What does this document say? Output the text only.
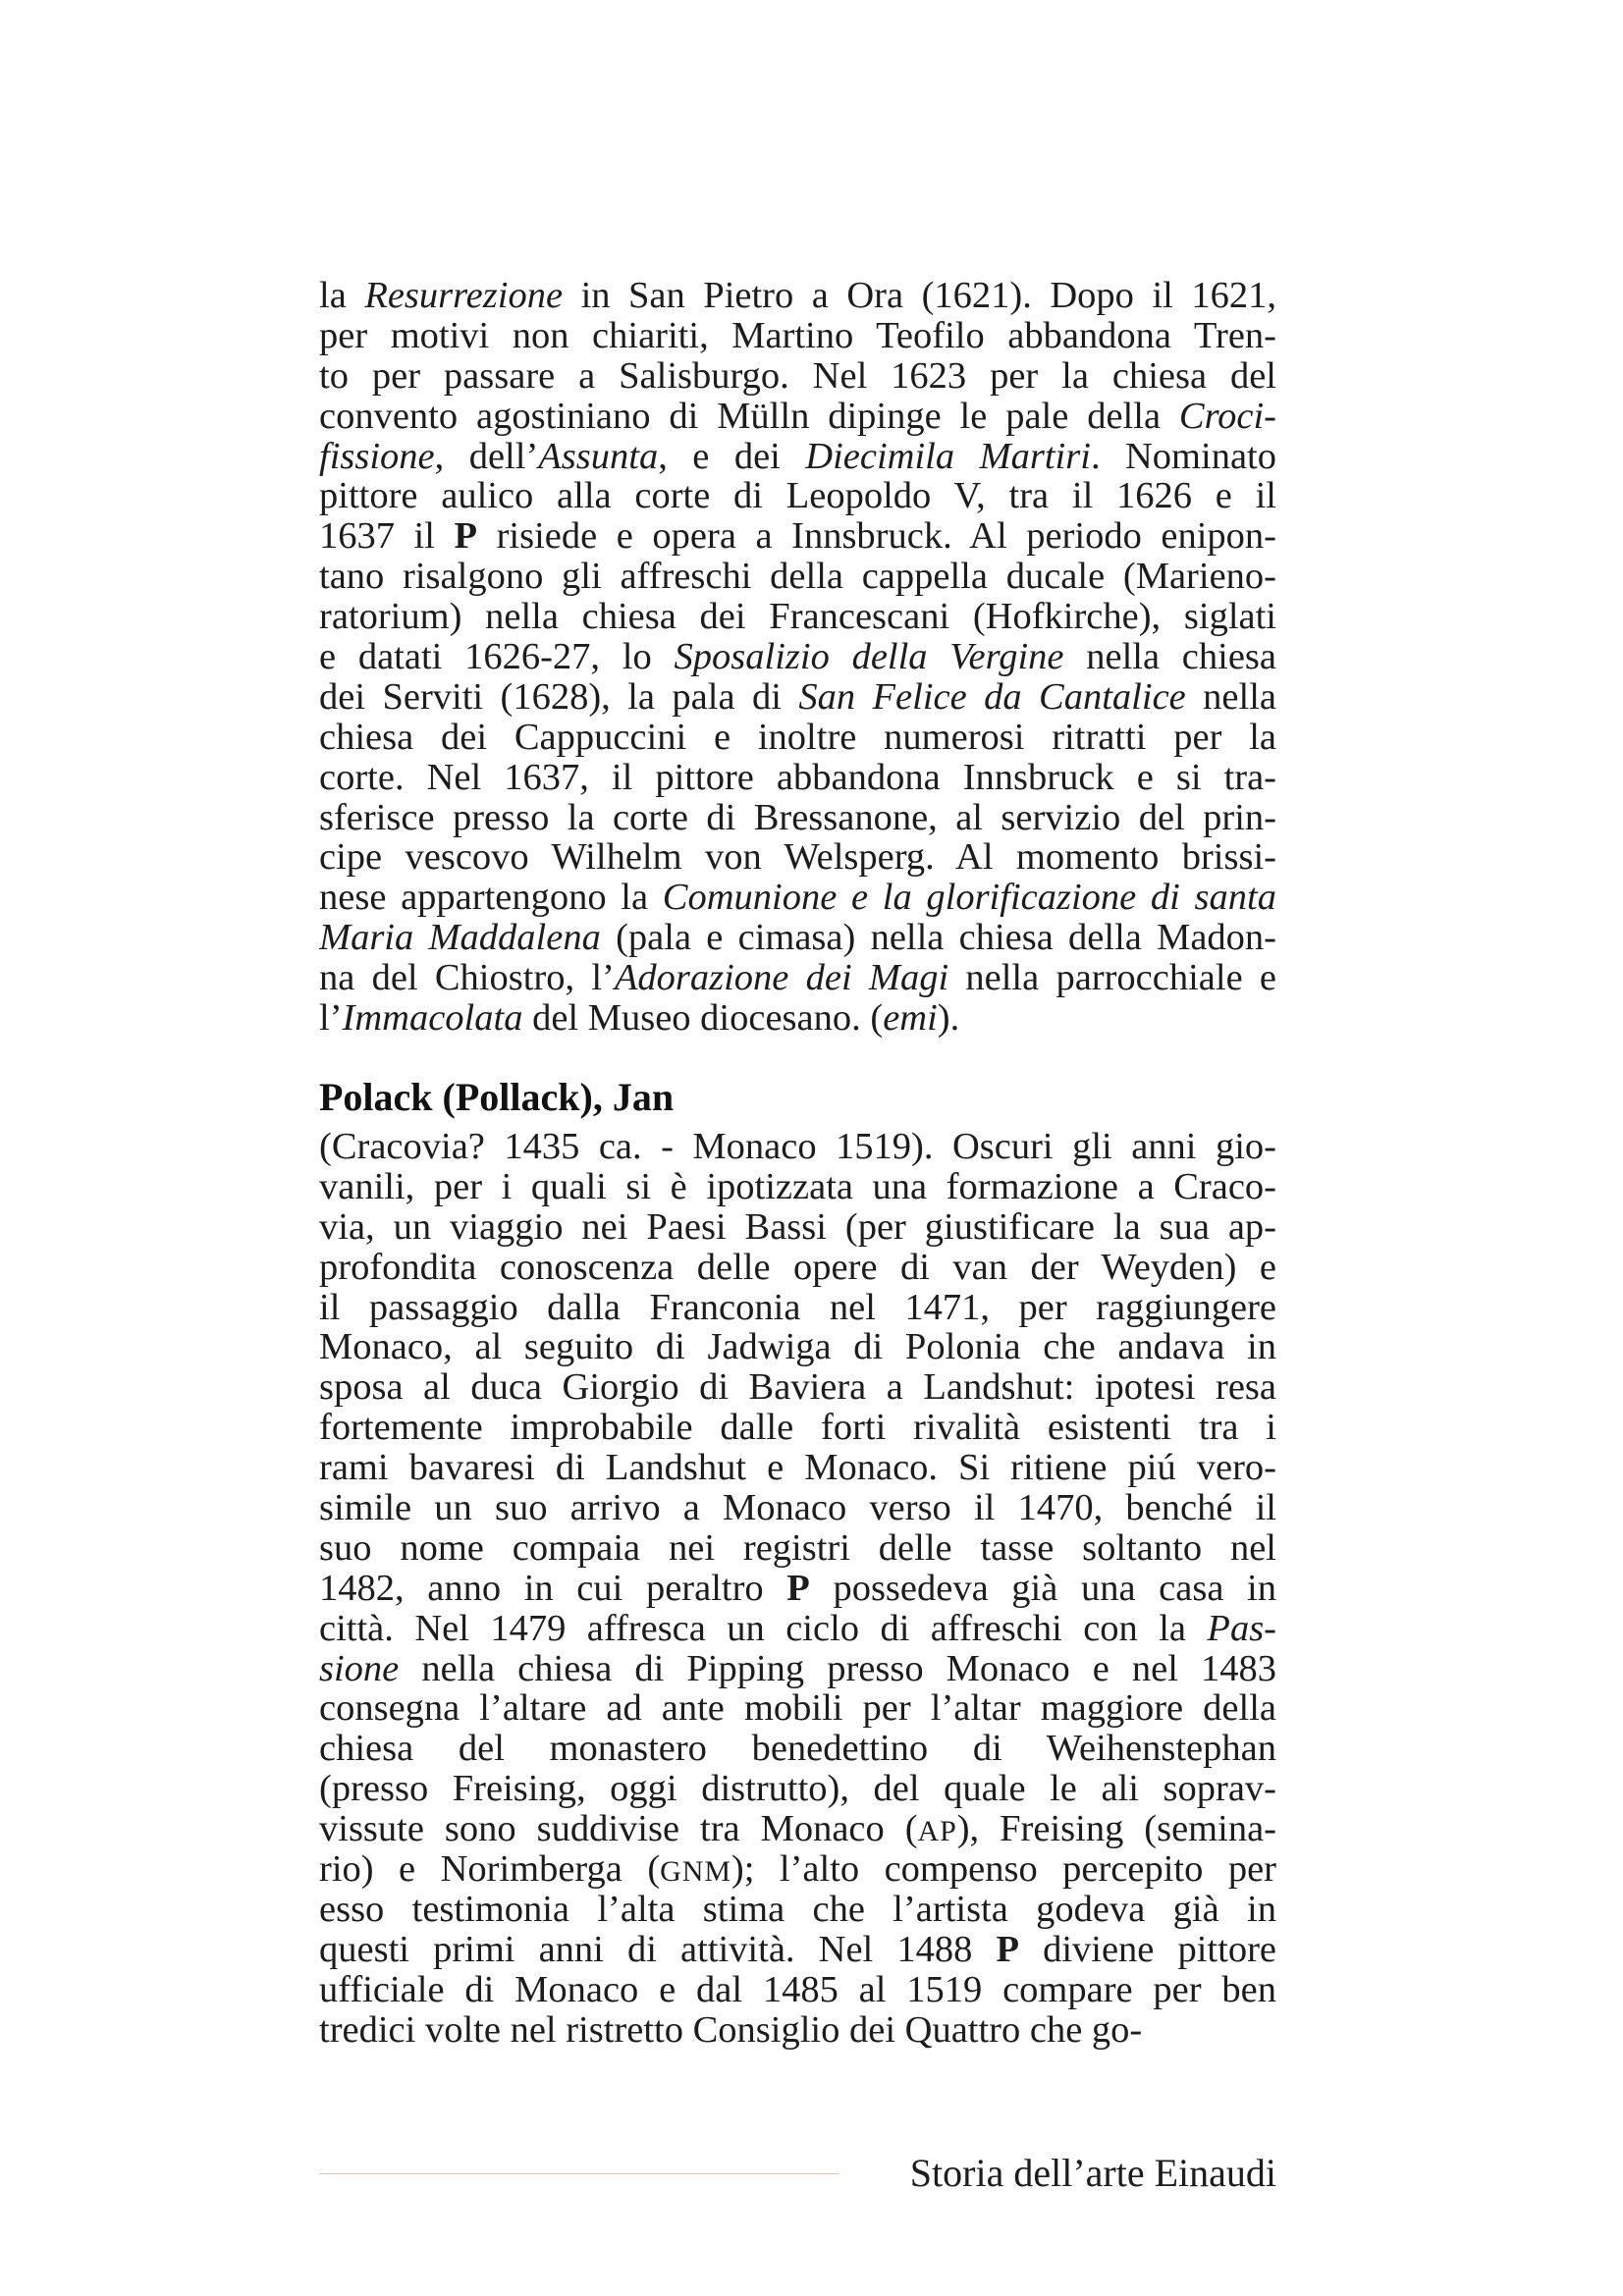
la Resurrezione in San Pietro a Ora (1621). Dopo il 1621,
per motivi non chiariti, Martino Teofilo abbandona Tren-
to per passare a Salisburgo. Nel 1623 per la chiesa del
convento agostiniano di Mülln dipinge le pale della Croci-
fissione, dell’Assunta, e dei Diecimila Martiri. Nominato
pittore aulico alla corte di Leopoldo V, tra il 1626 e il
1637 il P risiede e opera a Innsbruck. Al periodo enipon-
tano risalgono gli affreschi della cappella ducale (Marieno-
ratorium) nella chiesa dei Francescani (Hofkirche), siglati
e datati 1626-27, lo Sposalizio della Vergine nella chiesa
dei Serviti (1628), la pala di San Felice da Cantalice nella
chiesa dei Cappuccini e inoltre numerosi ritratti per la
corte. Nel 1637, il pittore abbandona Innsbruck e si tra-
sferisce presso la corte di Bressanone, al servizio del prin-
cipe vescovo Wilhelm von Welsperg. Al momento brissi-
nese appartengono la Comunione e la glorificazione di santa
Maria Maddalena (pala e cimasa) nella chiesa della Madon-
na del Chiostro, l’Adorazione dei Magi nella parrocchiale e
l’Immacolata del Museo diocesano. (emi).
Polack (Pollack), Jan
(Cracovia? 1435 ca. - Monaco 1519). Oscuri gli anni gio-
vanili, per i quali si è ipotizzata una formazione a Craco-
via, un viaggio nei Paesi Bassi (per giustificare la sua ap-
profondita conoscenza delle opere di van der Weyden) e
il passaggio dalla Franconia nel 1471, per raggiungere
Monaco, al seguito di Jadwiga di Polonia che andava in
sposa al duca Giorgio di Baviera a Landshut: ipotesi resa
fortemente improbabile dalle forti rivalità esistenti tra i
rami bavaresi di Landshut e Monaco. Si ritiene piú vero-
simile un suo arrivo a Monaco verso il 1470, benché il
suo nome compaia nei registri delle tasse soltanto nel
1482, anno in cui peraltro P possedeva già una casa in
città. Nel 1479 affresca un ciclo di affreschi con la Pas-
sione nella chiesa di Pipping presso Monaco e nel 1483
consegna l’altare ad ante mobili per l’altar maggiore della
chiesa del monastero benedettino di Weihenstephan
(presso Freising, oggi distrutto), del quale le ali soprav-
vissute sono suddivise tra Monaco (AP), Freising (semina-
rio) e Norimberga (GNM); l’alto compenso percepito per
esso testimonia l’alta stima che l’artista godeva già in
questi primi anni di attività. Nel 1488 P diviene pittore
ufficiale di Monaco e dal 1485 al 1519 compare per ben
tredici volte nel ristretto Consiglio dei Quattro che go-
Storia dell’arte Einaudi
